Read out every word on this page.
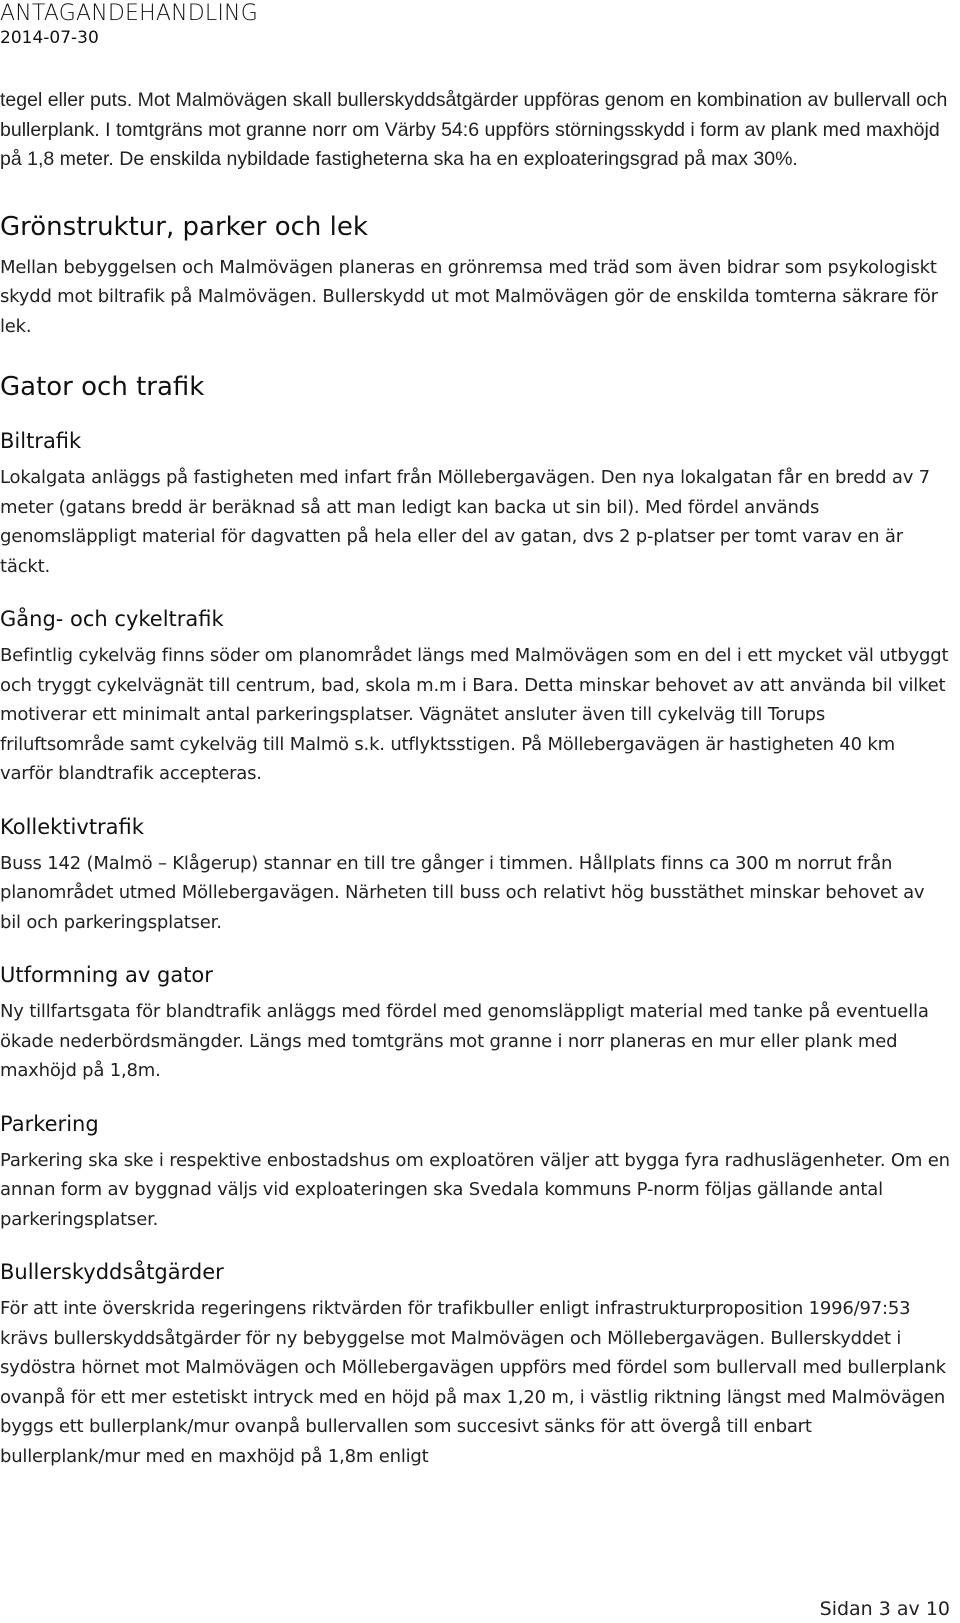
ANTAGANDEHANDLING
2014-07-30

tegel eller puts. Mot Malmövägen skall bullerskyddsåtgärder uppföras genom en kombination av bullervall och bullerplank. I tomtgräns mot granne norr om Värby 54:6 uppförs störningsskydd i form av plank med maxhöjd på 1,8 meter. De enskilda nybildade fastigheterna ska ha en exploateringsgrad på max 30%.

Grönstruktur, parker och lek

Mellan bebyggelsen och Malmövägen planeras en grönremsa med träd som även bidrar som psykologiskt skydd mot biltrafik på Malmövägen. Bullerskydd ut mot Malmövägen gör de enskilda tomterna säkrare för lek.

Gator och trafik
Biltrafik

Lokalgata anläggs på fastigheten med infart från Möllebergavägen. Den nya lokalgatan får en bredd av 7 meter (gatans bredd är beräknad så att man ledigt kan backa ut sin bil). Med fördel används genomsläppligt material för dagvatten på hela eller del av gatan, dvs 2 p-platser per tomt varav en är täckt.

Gång- och cykeltrafik

Befintlig cykelväg finns söder om planområdet längs med Malmövägen som en del i ett mycket väl utbyggt och tryggt cykelvägnät till centrum, bad, skola m.m i Bara. Detta minskar behovet av att använda bil vilket motiverar ett minimalt antal parkeringsplatser. Vägnätet ansluter även till cykelväg till Torups friluftsområde samt cykelväg till Malmö s.k. utflyktsstigen. På Möllebergavägen är hastigheten 40 km varför blandtrafik accepteras.

Kollektivtrafik

Buss 142 (Malmö – Klågerup) stannar en till tre gånger i timmen. Hållplats finns ca 300 m norrut från planområdet utmed Möllebergavägen. Närheten till buss och relativt hög busstäthet minskar behovet av bil och parkeringsplatser.

Utformning av gator

Ny tillfartsgata för blandtrafik anläggs med fördel med genomsläppligt material med tanke på eventuella ökade nederbördsmängder. Längs med tomtgräns mot granne i norr planeras en mur eller plank med maxhöjd på 1,8m.

Parkering

Parkering ska ske i respektive enbostadshus om exploatören väljer att bygga fyra radhuslägenheter. Om en annan form av byggnad väljs vid exploateringen ska Svedala kommuns P-norm följas gällande antal parkeringsplatser.

Bullerskyddsåtgärder

För att inte överskrida regeringens riktvärden för trafikbuller enligt infrastrukturproposition 1996/97:53 krävs bullerskyddsåtgärder för ny bebyggelse mot Malmövägen och Möllebergavägen. Bullerskyddet i sydöstra hörnet mot Malmövägen och Möllebergavägen uppförs med fördel som bullervall med bullerplank ovanpå för ett mer estetiskt intryck med en höjd på max 1,20 m, i västlig riktning längst med Malmövägen byggs ett bullerplank/mur ovanpå bullervallen som succesivt sänks för att övergå till enbart bullerplank/mur med en maxhöjd på 1,8m enligt

Sidan 3 av 10
